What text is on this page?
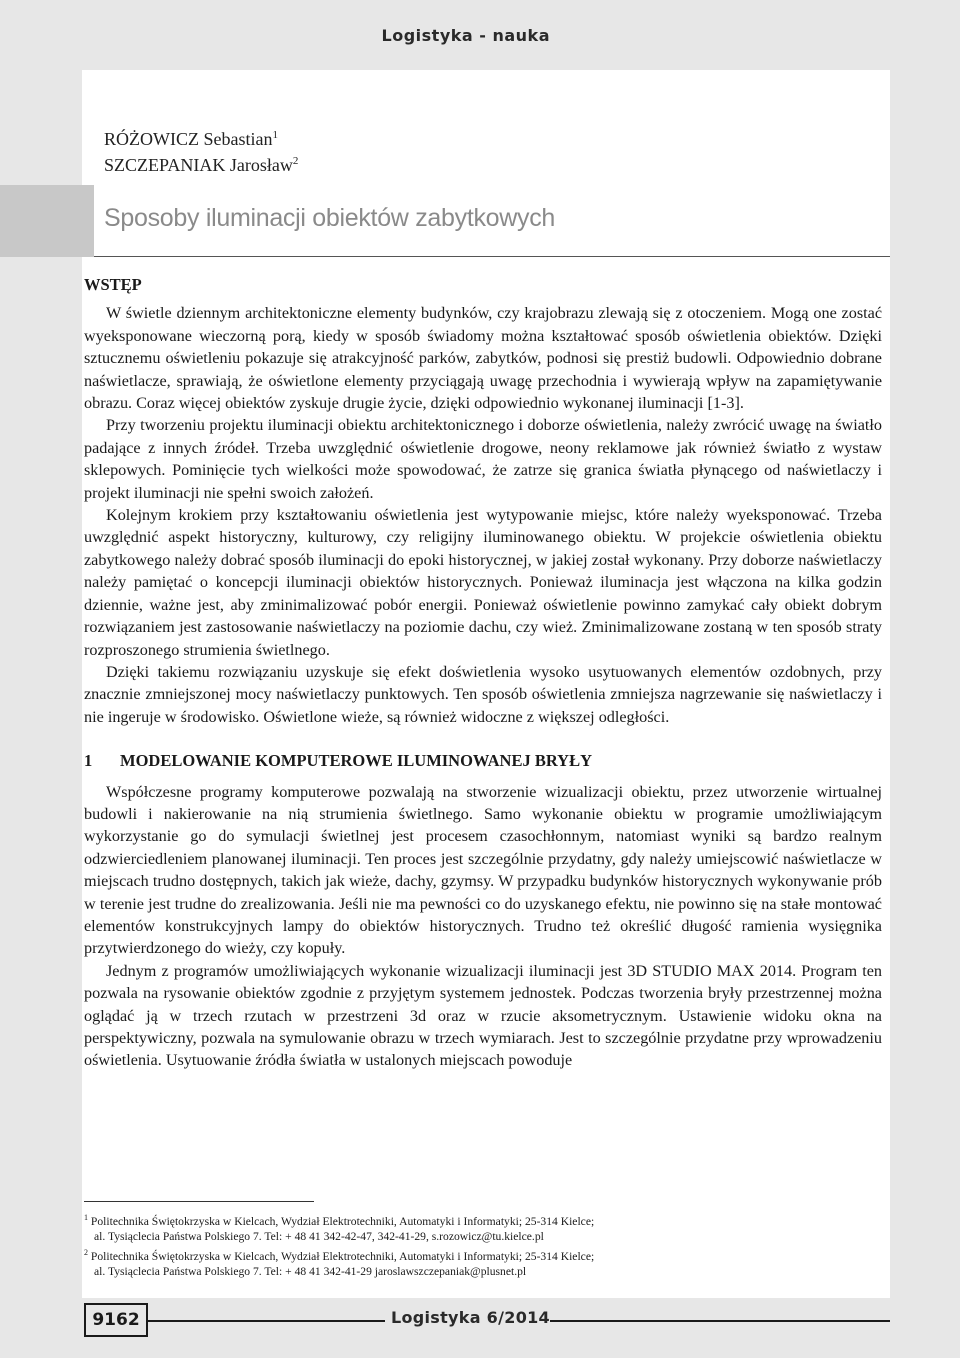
Logistyka - nauka
RÓŻOWICZ Sebastian$^1$
SZCZEPANIAK Jarosław$^2$
Sposoby iluminacji obiektów zabytkowych
WSTĘP

W świetle dziennym architektoniczne elementy budynków, czy krajobrazu zlewają się z otoczeniem. Mogą one zostać wyeksponowane wieczorną porą, kiedy w sposób świadomy można kształtować sposób oświetlenia obiektów. Dzięki sztucznemu oświetleniu pokazuje się atrakcyjność parków, zabytków, podnosi się prestiż budowli. Odpowiednio dobrane naświetlacze, sprawiają, że oświetlone elementy przyciągają uwagę przechodnia i wywierają wpływ na zapamiętywanie obrazu. Coraz więcej obiektów zyskuje drugie życie, dzięki odpowiednio wykonanej iluminacji [1-3].

Przy tworzeniu projektu iluminacji obiektu architektonicznego i doborze oświetlenia, należy zwrócić uwagę na światło padające z innych źródeł. Trzeba uwzględnić oświetlenie drogowe, neony reklamowe jak również światło z wystaw sklepowych. Pominięcie tych wielkości może spowodować, że zatrze się granica światła płynącego od naświetlaczy i projekt iluminacji nie spełni swoich założeń.

Kolejnym krokiem przy kształtowaniu oświetlenia jest wytypowanie miejsc, które należy wyeksponować. Trzeba uwzględnić aspekt historyczny, kulturowy, czy religijny iluminowanego obiektu. W projekcie oświetlenia obiektu zabytkowego należy dobrać sposób iluminacji do epoki historycznej, w jakiej został wykonany. Przy doborze naświetlaczy należy pamiętać o koncepcji iluminacji obiektów historycznych. Ponieważ iluminacja jest włączona na kilka godzin dziennie, ważne jest, aby zminimalizować pobór energii. Ponieważ oświetlenie powinno zamykać cały obiekt dobrym rozwiązaniem jest zastosowanie naświetlaczy na poziomie dachu, czy wież. Zminimalizowane zostaną w ten sposób straty rozproszonego strumienia świetlnego.

Dzięki takiemu rozwiązaniu uzyskuje się efekt doświetlenia wysoko usytuowanych elementów ozdobnych, przy znacznie zmniejszonej mocy naświetlaczy punktowych. Ten sposób oświetlenia zmniejsza nagrzewanie się naświetlaczy i nie ingeruje w środowisko. Oświetlone wieże, są również widoczne z większej odległości.

1 MODELOWANIE KOMPUTEROWE ILUMINOWANEJ BRYŁY

Współczesne programy komputerowe pozwalają na stworzenie wizualizacji obiektu, przez utworzenie wirtualnej budowli i nakierowanie na nią strumienia świetlnego. Samo wykonanie obiektu w programie umożliwiającym wykorzystanie go do symulacji świetlnej jest procesem czasochłonnym, natomiast wyniki są bardzo realnym odzwierciedleniem planowanej iluminacji. Ten proces jest szczególnie przydatny, gdy należy umiejscowić naświetlacze w miejscach trudno dostępnych, takich jak wieże, dachy, gzymsy. W przypadku budynków historycznych wykonywanie prób w terenie jest trudne do zrealizowania. Jeśli nie ma pewności co do uzyskanego efektu, nie powinno się na stałe montować elementów konstrukcyjnych lampy do obiektów historycznych. Trudno też określić długość ramienia wysięgnika przytwierdzonego do wieży, czy kopuły.

Jednym z programów umożliwiających wykonanie wizualizacji iluminacji jest 3D STUDIO MAX 2014. Program ten pozwala na rysowanie obiektów zgodnie z przyjętym systemem jednostek. Podczas tworzenia bryły przestrzennej można oglądać ją w trzech rzutach w przestrzeni 3d oraz w rzucie aksometrycznym. Ustawienie widoku okna na perspektywiczny, pozwala na symulowanie obrazu w trzech wymiarach. Jest to szczególnie przydatne przy wprowadzeniu oświetlenia. Usytuowanie źródła światła w ustalonych miejscach powoduje

$^1$ Politechnika Świętokrzyska w Kielcach, Wydział Elektrotechniki, Automatyki i Informatyki; 25-314 Kielce;
al. Tysiąclecia Państwa Polskiego 7. Tel: + 48 41 342-42-47, 342-41-29, s.rozowicz@tu.kielce.pl
$^2$ Politechnika Świętokrzyska w Kielcach, Wydział Elektrotechniki, Automatyki i Informatyki; 25-314 Kielce;
al. Tysiąclecia Państwa Polskiego 7. Tel: + 48 41 342-41-29 jaroslawszczepaniak@plusnet.pl
9162	Logistyka 6/2014
